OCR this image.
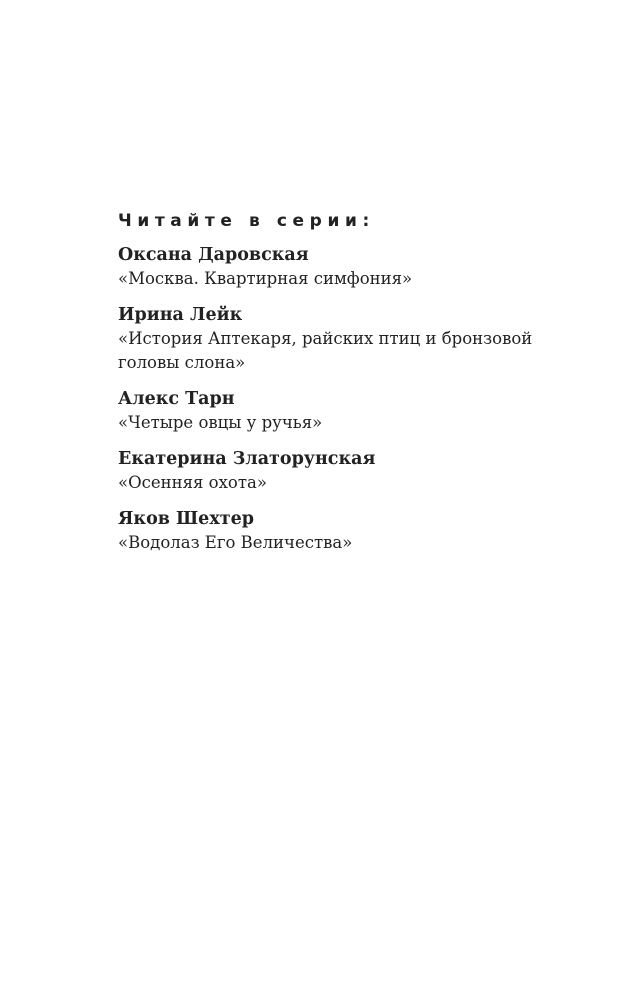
Читайте в серии:
Оксана Даровская
«Москва. Квартирная симфония»
Ирина Лейк
«История Аптекаря, райских птиц и бронзовой головы слона»
Алекс Тарн
«Четыре овцы у ручья»
Екатерина Златорунская
«Осенняя охота»
Яков Шехтер
«Водолаз Его Величества»
